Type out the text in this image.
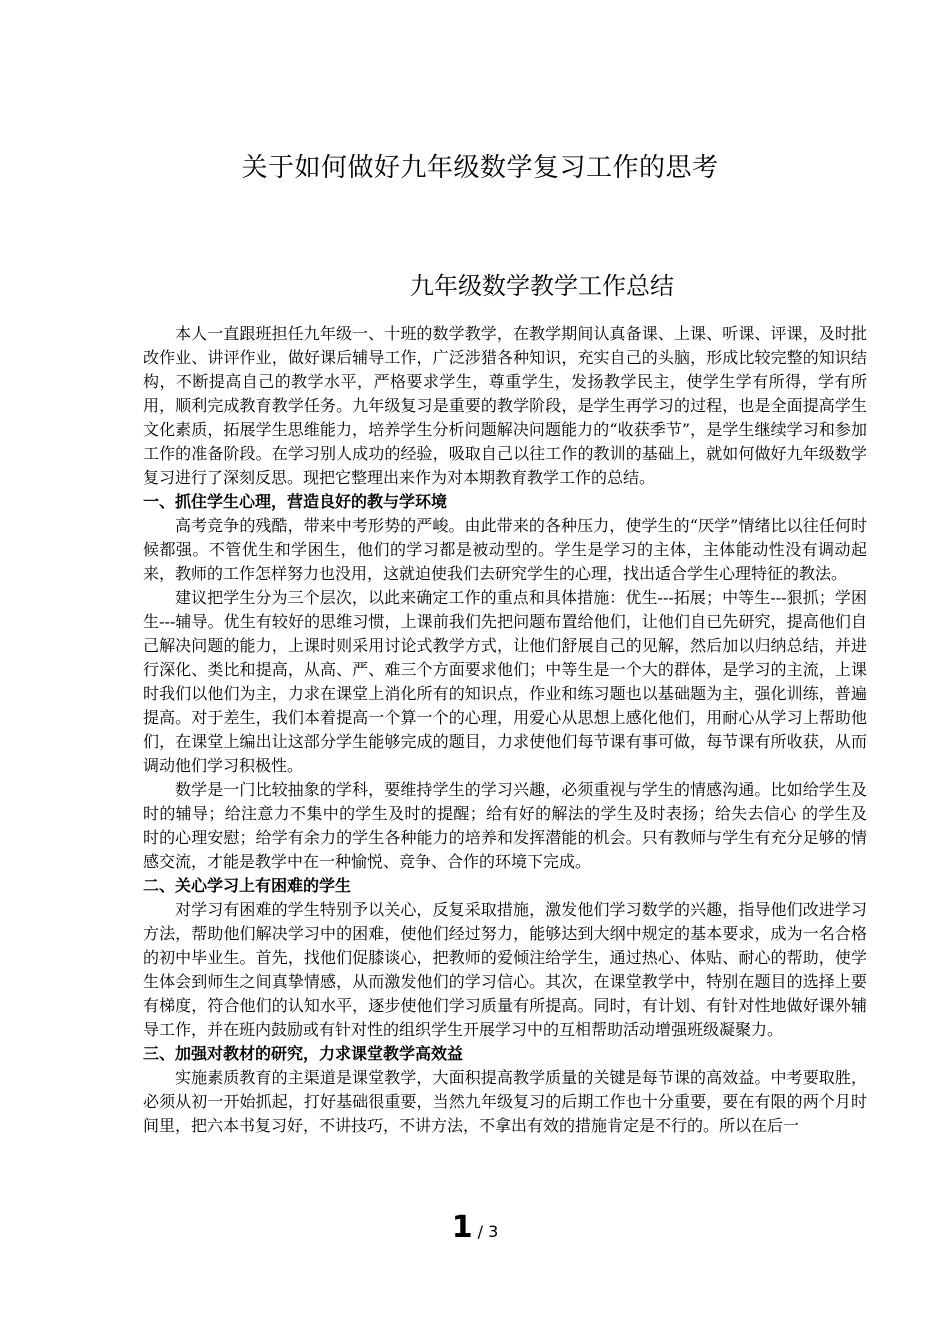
关于如何做好九年级数学复习工作的思考
九年级数学教学工作总结

本人一直跟班担任九年级一、十班的数学教学，在教学期间认真备课、上课、听课、评课，及时批改作业、讲评作业，做好课后辅导工作，广泛涉猎各种知识，充实自己的头脑，形成比较完整的知识结构，不断提高自己的教学水平，严格要求学生，尊重学生，发扬教学民主，使学生学有所得，学有所用，顺利完成教育教学任务。九年级复习是重要的教学阶段，是学生再学习的过程，也是全面提高学生文化素质，拓展学生思维能力，培养学生分析问题解决问题能力的“收获季节”，是学生继续学习和参加工作的准备阶段。在学习别人成功的经验，吸取自己以往工作的教训的基础上，就如何做好九年级数学复习进行了深刻反思。现把它整理出来作为对本期教育教学工作的总结。

一、抓住学生心理，营造良好的教与学环境

高考竞争的残酷，带来中考形势的严峻。由此带来的各种压力，使学生的“厌学”情绪比以往任何时候都强。不管优生和学困生，他们的学习都是被动型的。学生是学习的主体，主体能动性没有调动起来，教师的工作怎样努力也没用，这就迫使我们去研究学生的心理，找出适合学生心理特征的教法。

建议把学生分为三个层次，以此来确定工作的重点和具体措施：优生---拓展；中等生---狠抓；学困生---辅导。优生有较好的思维习惯，上课前我们先把问题布置给他们，让他们自已先研究，提高他们自己解决问题的能力，上课时则采用讨论式教学方式，让他们舒展自己的见解，然后加以归纳总结，并进行深化、类比和提高，从高、严、难三个方面要求他们；中等生是一个大的群体，是学习的主流，上课时我们以他们为主，力求在课堂上消化所有的知识点，作业和练习题也以基础题为主，强化训练，普遍提高。对于差生，我们本着提高一个算一个的心理，用爱心从思想上感化他们，用耐心从学习上帮助他们，在课堂上编出让这部分学生能够完成的题目，力求使他们每节课有事可做，每节课有所收获，从而调动他们学习积极性。

数学是一门比较抽象的学科，要维持学生的学习兴趣，必须重视与学生的情感沟通。比如给学生及时的辅导；给注意力不集中的学生及时的提醒；给有好的解法的学生及时表扬；给失去信心 的学生及时的心理安慰；给学有余力的学生各种能力的培养和发挥潜能的机会。只有教师与学生有充分足够的情感交流，才能是教学中在一种愉悦、竞争、合作的环境下完成。

二、关心学习上有困难的学生

对学习有困难的学生特别予以关心，反复采取措施，激发他们学习数学的兴趣，指导他们改进学习方法，帮助他们解决学习中的困难，使他们经过努力，能够达到大纲中规定的基本要求，成为一名合格的初中毕业生。首先，找他们促膝谈心，把教师的爱倾注给学生，通过热心、体贴、耐心的帮助，使学生体会到师生之间真挚情感，从而激发他们的学习信心。其次，在课堂教学中，特别在题目的选择上要有梯度，符合他们的认知水平，逐步使他们学习质量有所提高。同时，有计划、有针对性地做好课外辅导工作，并在班内鼓励或有针对性的组织学生开展学习中的互相帮助活动增强班级凝聚力。

三、加强对教材的研究，力求课堂教学高效益

实施素质教育的主渠道是课堂教学，大面积提高教学质量的关键是每节课的高效益。中考要取胜，必须从初一开始抓起，打好基础很重要，当然九年级复习的后期工作也十分重要，要在有限的两个月时间里，把六本书复习好，不讲技巧，不讲方法，不拿出有效的措施肯定是不行的。所以在后一

1 / 3
